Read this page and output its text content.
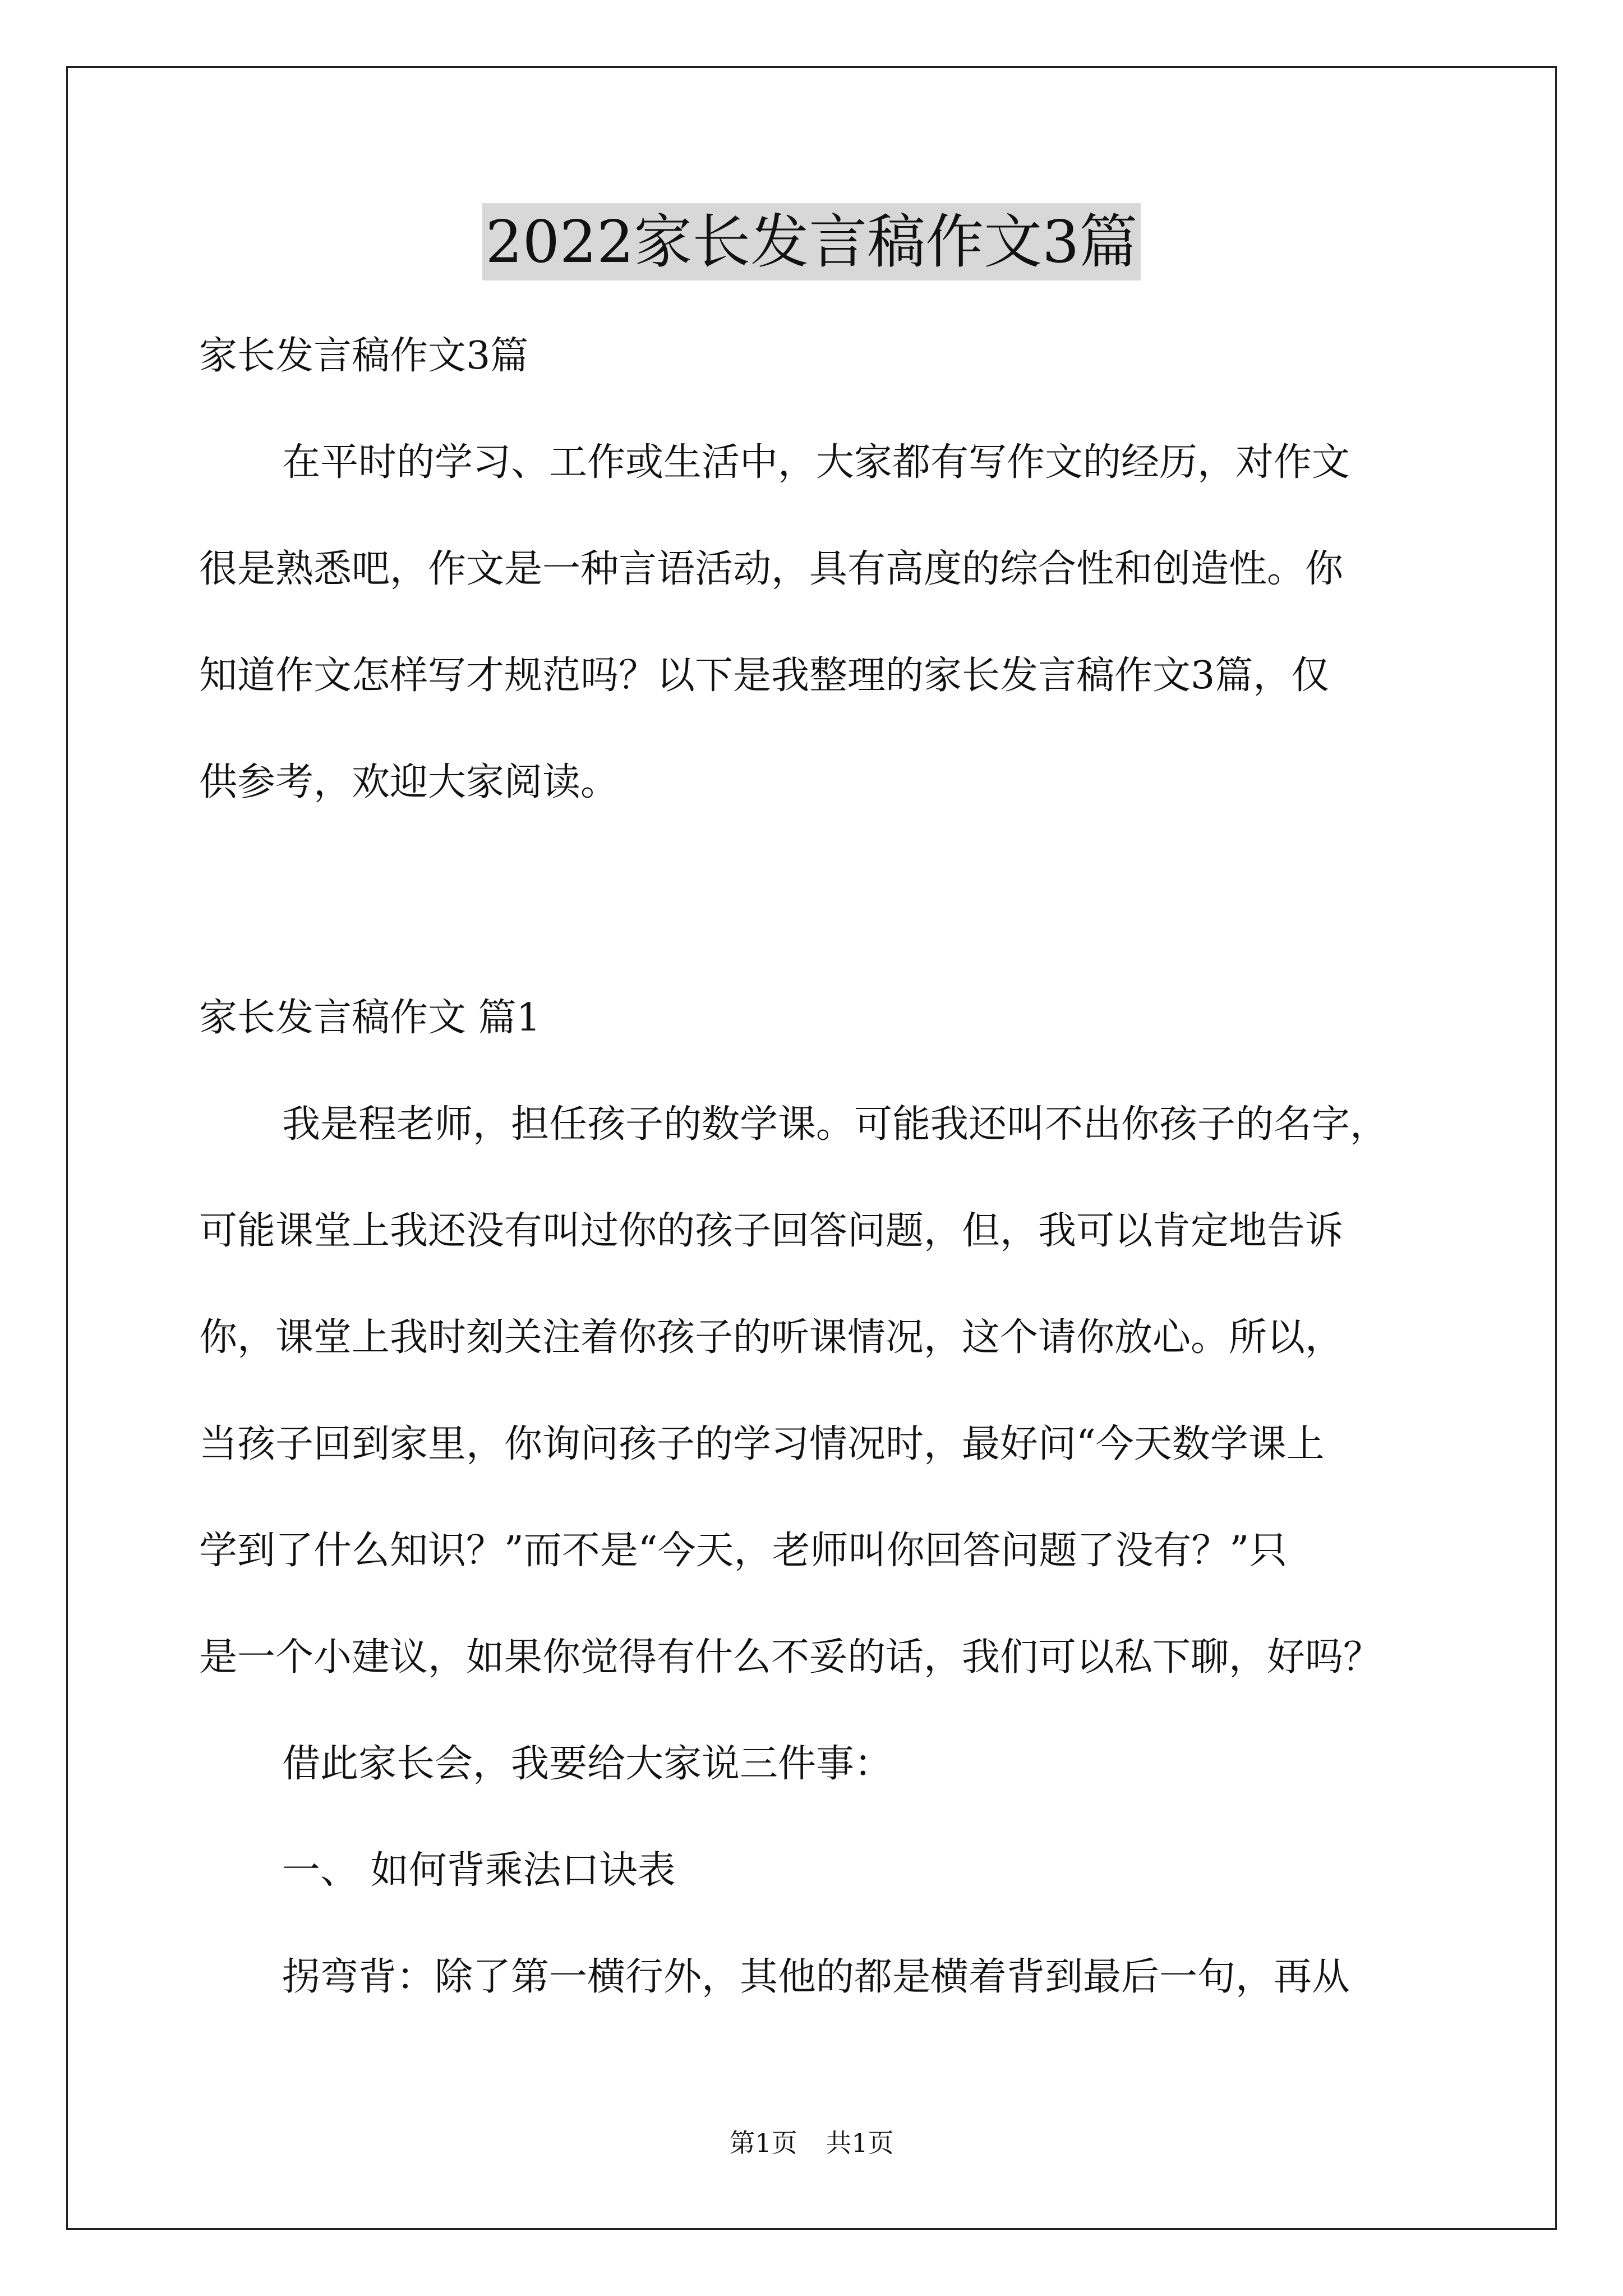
2022家长发言稿作文3篇
家长发言稿作文3篇
在平时的学习、工作或生活中，大家都有写作文的经历，对作文
很是熟悉吧，作文是一种言语活动，具有高度的综合性和创造性。你
知道作文怎样写才规范吗？以下是我整理的家长发言稿作文3篇，仅
供参考，欢迎大家阅读。
家长发言稿作文 篇1
我是程老师，担任孩子的数学课。可能我还叫不出你孩子的名字，
可能课堂上我还没有叫过你的孩子回答问题，但，我可以肯定地告诉
你，课堂上我时刻关注着你孩子的听课情况，这个请你放心。所以，
当孩子回到家里，你询问孩子的学习情况时，最好问“今天数学课上
学到了什么知识？”而不是“今天，老师叫你回答问题了没有？”只
是一个小建议，如果你觉得有什么不妥的话，我们可以私下聊，好吗？
借此家长会，我要给大家说三件事：
一、 如何背乘法口诀表
拐弯背：除了第一横行外，其他的都是横着背到最后一句，再从
第1页 共1页
